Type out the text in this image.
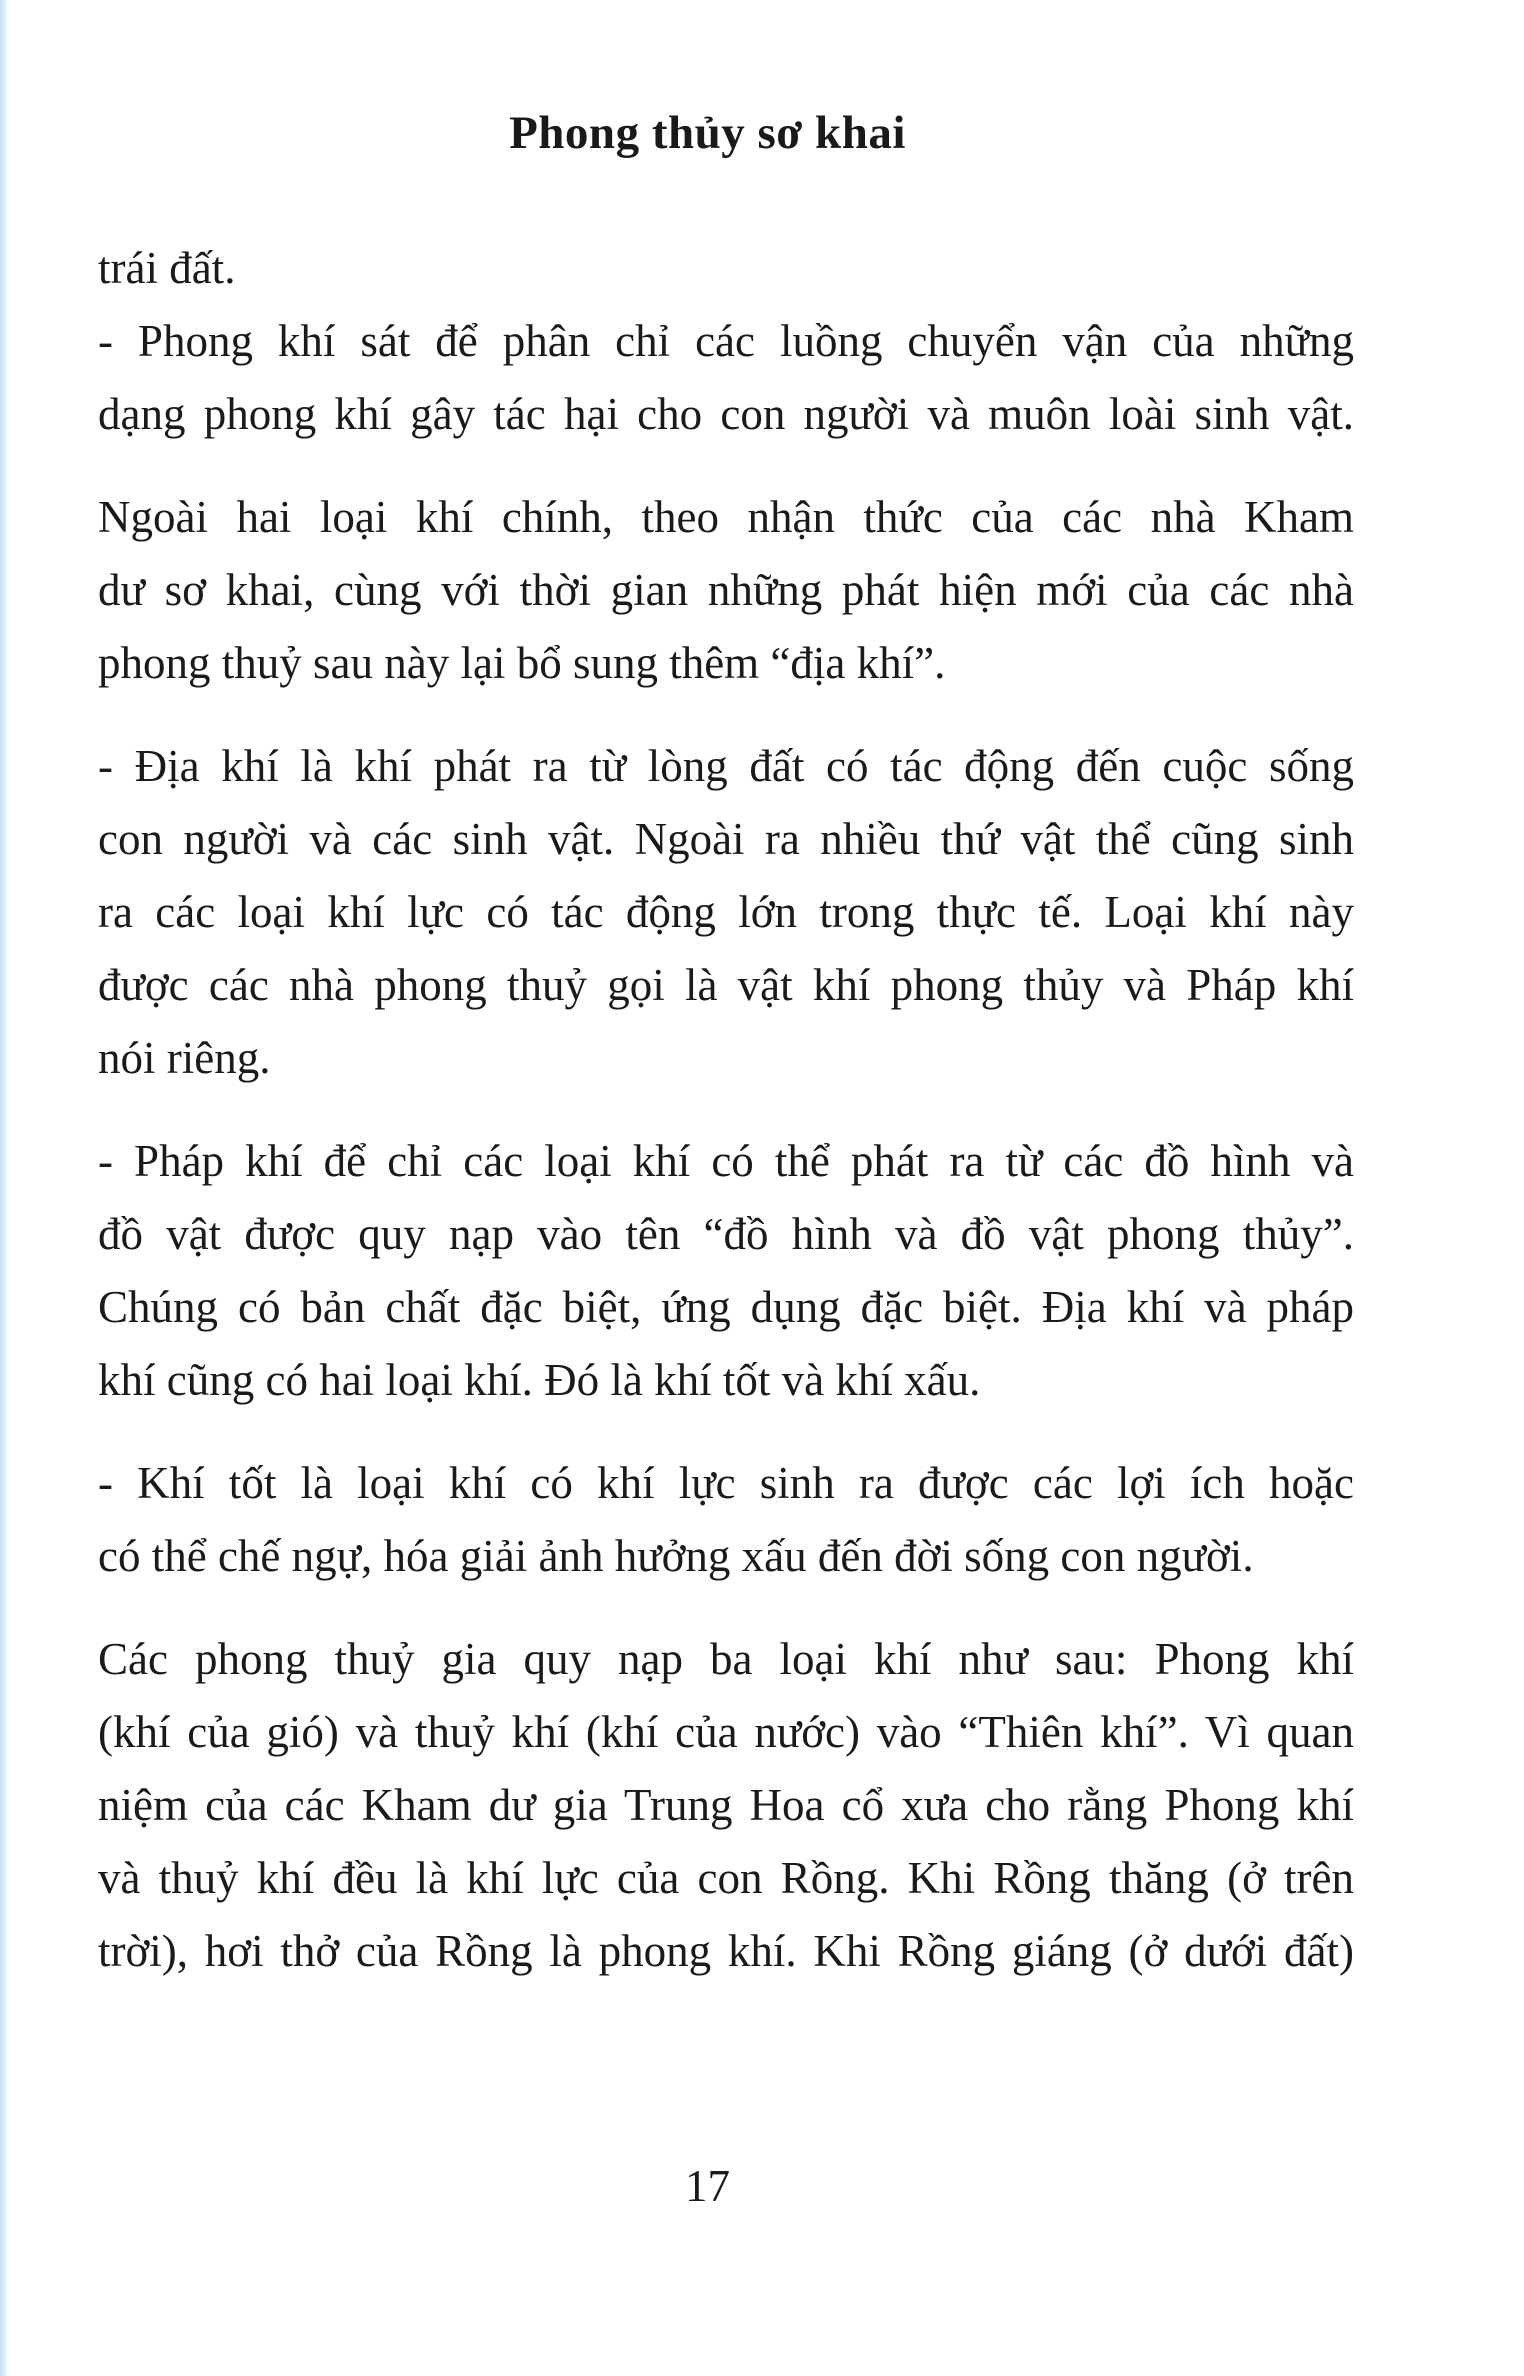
Phong thủy sơ khai
trái đất.
- Phong khí sát để phân chỉ các luồng chuyển vận của những
dạng phong khí gây tác hại cho con người và muôn loài sinh vật.
Ngoài hai loại khí chính, theo nhận thức của các nhà Kham
dư sơ khai, cùng với thời gian những phát hiện mới của các nhà
phong thuỷ sau này lại bổ sung thêm “địa khí”.
- Địa khí là khí phát ra từ lòng đất có tác động đến cuộc sống
con người và các sinh vật. Ngoài ra nhiều thứ vật thể cũng sinh
ra các loại khí lực có tác động lớn trong thực tế. Loại khí này
được các nhà phong thuỷ gọi là vật khí phong thủy và Pháp khí
nói riêng.
- Pháp khí để chỉ các loại khí có thể phát ra từ các đồ hình và
đồ vật được quy nạp vào tên “đồ hình và đồ vật phong thủy”.
Chúng có bản chất đặc biệt, ứng dụng đặc biệt. Địa khí và pháp
khí cũng có hai loại khí. Đó là khí tốt và khí xấu.
- Khí tốt là loại khí có khí lực sinh ra được các lợi ích hoặc
có thể chế ngự, hóa giải ảnh hưởng xấu đến đời sống con người.
Các phong thuỷ gia quy nạp ba loại khí như sau: Phong khí
(khí của gió) và thuỷ khí (khí của nước) vào “Thiên khí”. Vì quan
niệm của các Kham dư gia Trung Hoa cổ xưa cho rằng Phong khí
và thuỷ khí đều là khí lực của con Rồng. Khi Rồng thăng (ở trên
trời), hơi thở của Rồng là phong khí. Khi Rồng giáng (ở dưới đất)
17
